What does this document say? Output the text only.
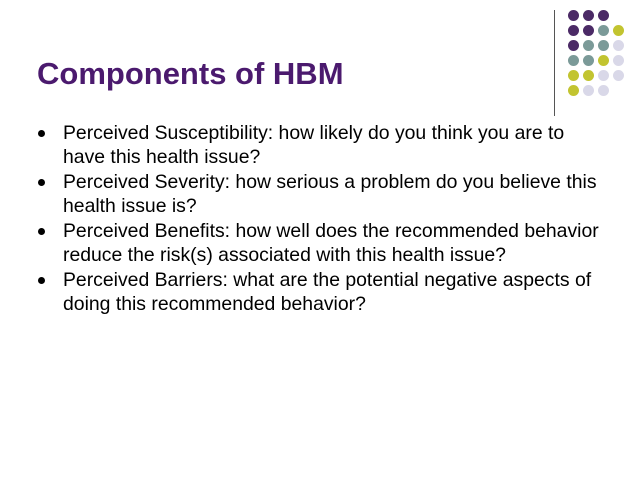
Components of HBM
Perceived Susceptibility: how likely do you think you are to have this health issue?
Perceived Severity: how serious a problem do you believe this health issue is?
Perceived Benefits: how well does the recommended behavior reduce the risk(s) associated with this health issue?
Perceived Barriers: what are the potential negative aspects of doing this recommended behavior?
